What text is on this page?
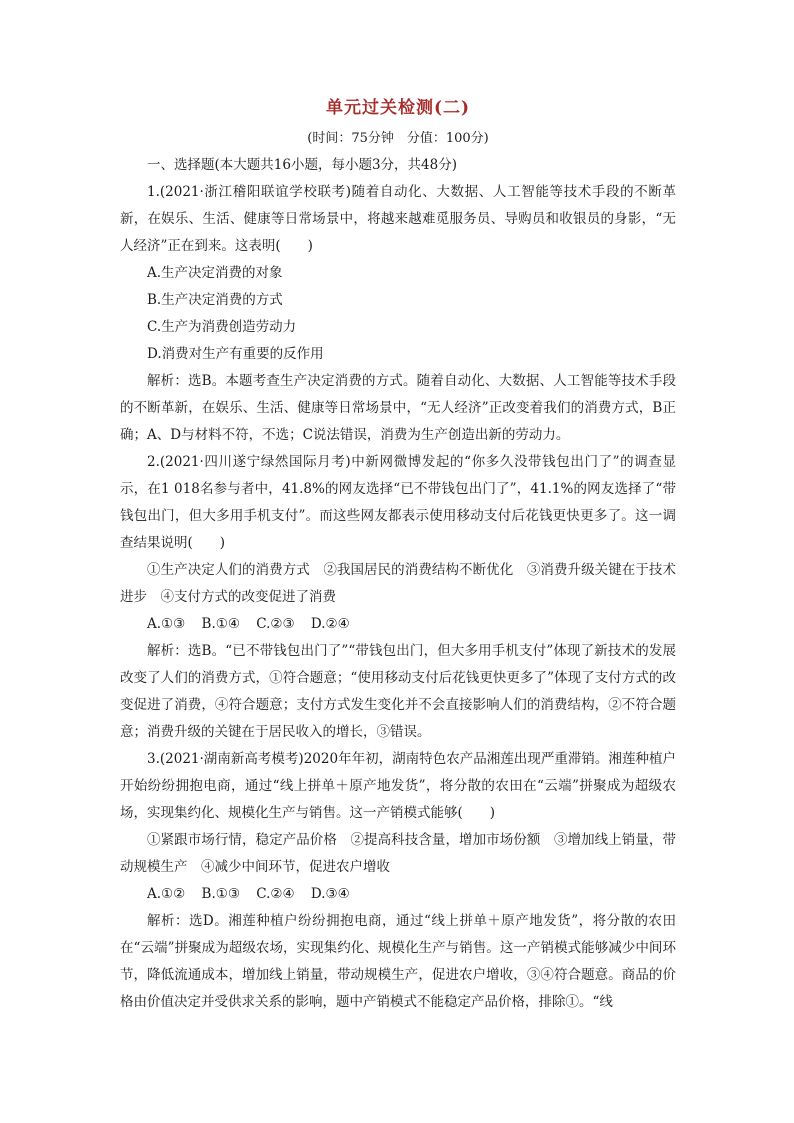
单元过关检测(二)
(时间：75分钟　分值：100分)

一、选择题(本大题共16小题，每小题3分，共48分)

1.(2021·浙江稽阳联谊学校联考)随着自动化、大数据、人工智能等技术手段的不断革新，在娱乐、生活、健康等日常场景中，将越来越难觅服务员、导购员和收银员的身影，“无人经济”正在到来。这表明(　　)

A.生产决定消费的对象

B.生产决定消费的方式

C.生产为消费创造劳动力

D.消费对生产有重要的反作用

解析：选B。本题考查生产决定消费的方式。随着自动化、大数据、人工智能等技术手段的不断革新，在娱乐、生活、健康等日常场景中，“无人经济”正改变着我们的消费方式，B正确；A、D与材料不符，不选；C说法错误，消费为生产创造出新的劳动力。

2.(2021·四川遂宁绿然国际月考)中新网微博发起的“你多久没带钱包出门了”的调查显示，在1 018名参与者中，41.8%的网友选择“已不带钱包出门了”，41.1%的网友选择了“带钱包出门，但大多用手机支付”。而这些网友都表示使用移动支付后花钱更快更多了。这一调查结果说明(　　)

①生产决定人们的消费方式　②我国居民的消费结构不断优化　③消费升级关键在于技术进步　④支付方式的改变促进了消费

A.①③ B.①④ C.②③ D.②④

解析：选B。“已不带钱包出门了”“带钱包出门，但大多用手机支付”体现了新技术的发展改变了人们的消费方式，①符合题意；“使用移动支付后花钱更快更多了”体现了支付方式的改变促进了消费，④符合题意；支付方式发生变化并不会直接影响人们的消费结构，②不符合题意；消费升级的关键在于居民收入的增长，③错误。

3.(2021·湖南新高考模考)2020年年初，湖南特色农产品湘莲出现严重滞销。湘莲种植户开始纷纷拥抱电商，通过“线上拼单＋原产地发货”，将分散的农田在“云端”拼聚成为超级农场，实现集约化、规模化生产与销售。这一产销模式能够(　　)

①紧跟市场行情，稳定产品价格　②提高科技含量，增加市场份额　③增加线上销量，带动规模生产　④减少中间环节，促进农户增收

A.①② B.①③ C.②④ D.③④

解析：选D。湘莲种植户纷纷拥抱电商，通过“线上拼单＋原产地发货”，将分散的农田在“云端”拼聚成为超级农场，实现集约化、规模化生产与销售。这一产销模式能够减少中间环节，降低流通成本，增加线上销量，带动规模生产，促进农户增收，③④符合题意。商品的价格由价值决定并受供求关系的影响，题中产销模式不能稳定产品价格，排除①。“线
